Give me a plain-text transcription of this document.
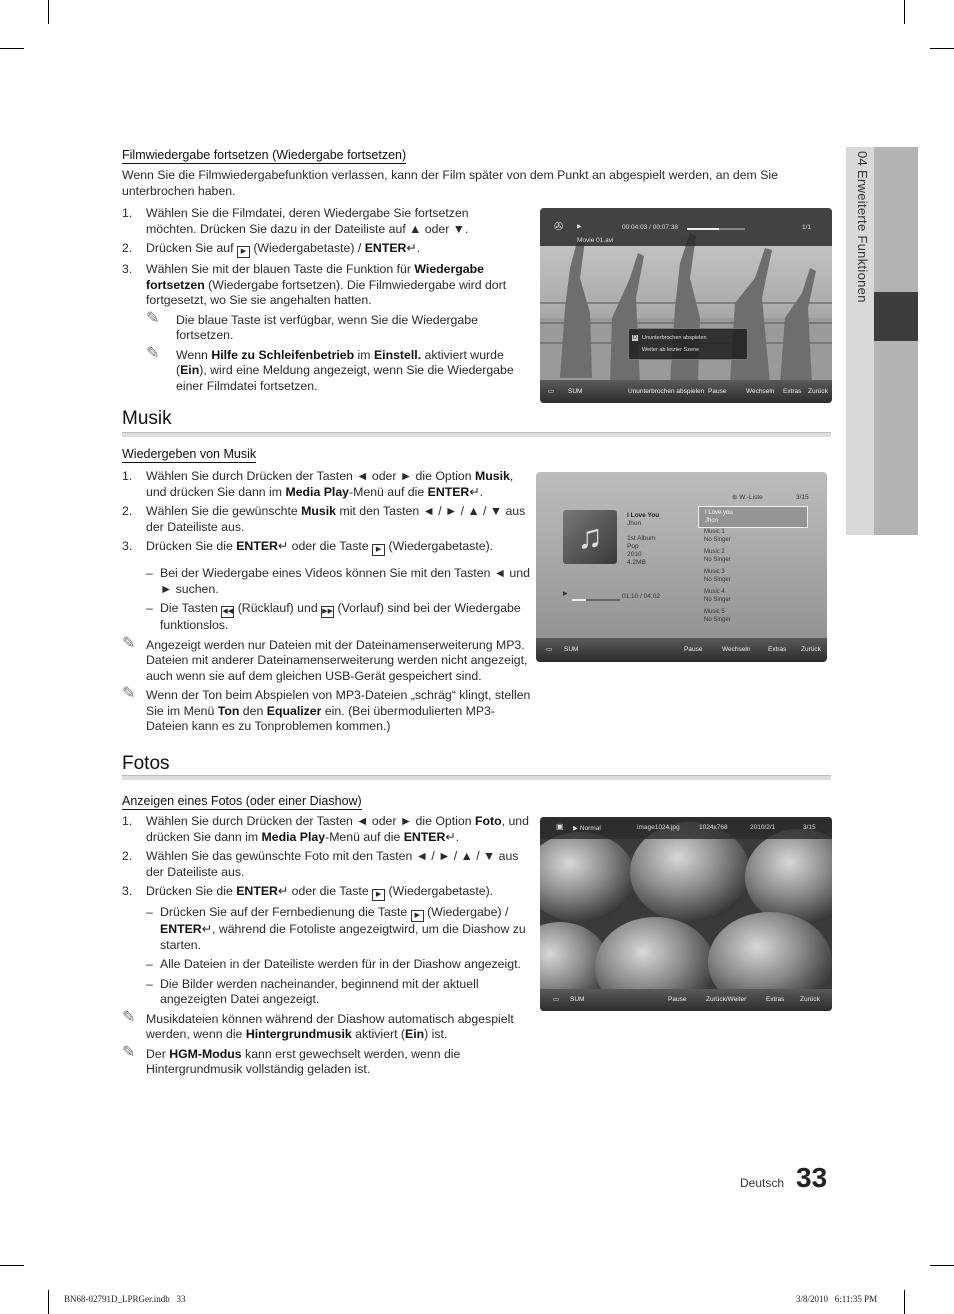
04 Erweiterte Funktionen
Filmwiedergabe fortsetzen (Wiedergabe fortsetzen)
Wenn Sie die Filmwiedergabefunktion verlassen, kann der Film später von dem Punkt an abgespielt werden, an dem Sie unterbrochen haben.
1. Wählen Sie die Filmdatei, deren Wiedergabe Sie fortsetzen möchten. Drücken Sie dazu in der Dateiliste auf ▲ oder ▼.
2. Drücken Sie auf ▶ (Wiedergabetaste) / ENTER↵.
3. Wählen Sie mit der blauen Taste die Funktion für Wiedergabe fortsetzen (Wiedergabe fortsetzen). Die Filmwiedergabe wird dort fortgesetzt, wo Sie sie angehalten hatten.
✎ Die blaue Taste ist verfügbar, wenn Sie die Wiedergabe fortsetzen.
✎ Wenn Hilfe zu Schleifenbetrieb im Einstell. aktiviert wurde (Ein), wird eine Meldung angezeigt, wenn Sie die Wiedergabe einer Filmdatei fortsetzen.
✇ ▶	00:04:03 / 00:07:38	1/1
Movie 01.avi
D Ununterbrochen abspielen
Weiter ab letzter Szene
▭ SUM	Ununterbrochen abspielen Pause	Wechseln Extras Zurück
Musik
Wiedergeben von Musik
1. Wählen Sie durch Drücken der Tasten ◄ oder ► die Option Musik, und drücken Sie dann im Media Play-Menü auf die ENTER↵.
2. Wählen Sie die gewünschte Musik mit den Tasten ◄ / ► / ▲ / ▼ aus der Dateiliste aus.
3. Drücken Sie die ENTER↵ oder die Taste ▶ (Wiedergabetaste).
– Bei der Wiedergabe eines Videos können Sie mit den Tasten ◄ und ► suchen.
– Die Tasten ◀◀ (Rücklauf) und ▶▶ (Vorlauf) sind bei der Wiedergabe funktionslos.
✎ Angezeigt werden nur Dateien mit der Dateinamenserweiterung MP3. Dateien mit anderer Dateinamenserweiterung werden nicht angezeigt, auch wenn sie auf dem gleichen USB-Gerät gespeichert sind.
✎ Wenn der Ton beim Abspielen von MP3-Dateien „schräg“ klingt, stellen Sie im Menü Ton den Equalizer ein. (Bei übermodulierten MP3-Dateien kann es zu Tonproblemen kommen.)
⊛ W.-Liste	3/15
♫
I Love You
Jhon
1st Album
Pop
2010
4.2MB
▶	01:10 / 04:02
I Love you
Jhon
Music 1
No Singer
Music 2
No Singer
Music 3
No Singer
Music 4
No Singer
Music 5
No Singer
▭ SUM	Pause	Wechseln	Extras Zurück
Fotos
Anzeigen eines Fotos (oder einer Diashow)
1. Wählen Sie durch Drücken der Tasten ◄ oder ► die Option Foto, und drücken Sie dann im Media Play-Menü auf die ENTER↵.
2. Wählen Sie das gewünschte Foto mit den Tasten ◄ / ► / ▲ / ▼ aus der Dateiliste aus.
3. Drücken Sie die ENTER↵ oder die Taste ▶ (Wiedergabetaste).
– Drücken Sie auf der Fernbedienung die Taste ▶ (Wiedergabe) / ENTER↵, während die Fotoliste angezeigtwird, um die Diashow zu starten.
– Alle Dateien in der Dateiliste werden für in der Diashow angezeigt.
– Die Bilder werden nacheinander, beginnend mit der aktuell angezeigten Datei angezeigt.
✎ Musikdateien können während der Diashow automatisch abgespielt werden, wenn die Hintergrundmusik aktiviert (Ein) ist.
✎ Der HGM-Modus kann erst gewechselt werden, wenn die Hintergrundmusik vollständig geladen ist.
▣ ▶ Normal	image1024.jpg	1024x768	2010/2/1	3/15
▭ SUM	Pause	Zurück/Weiter	Extras Zurück
Deutsch 33
BN68-02791D_LPRGer.indb   33	3/8/2010   6:11:35 PM
